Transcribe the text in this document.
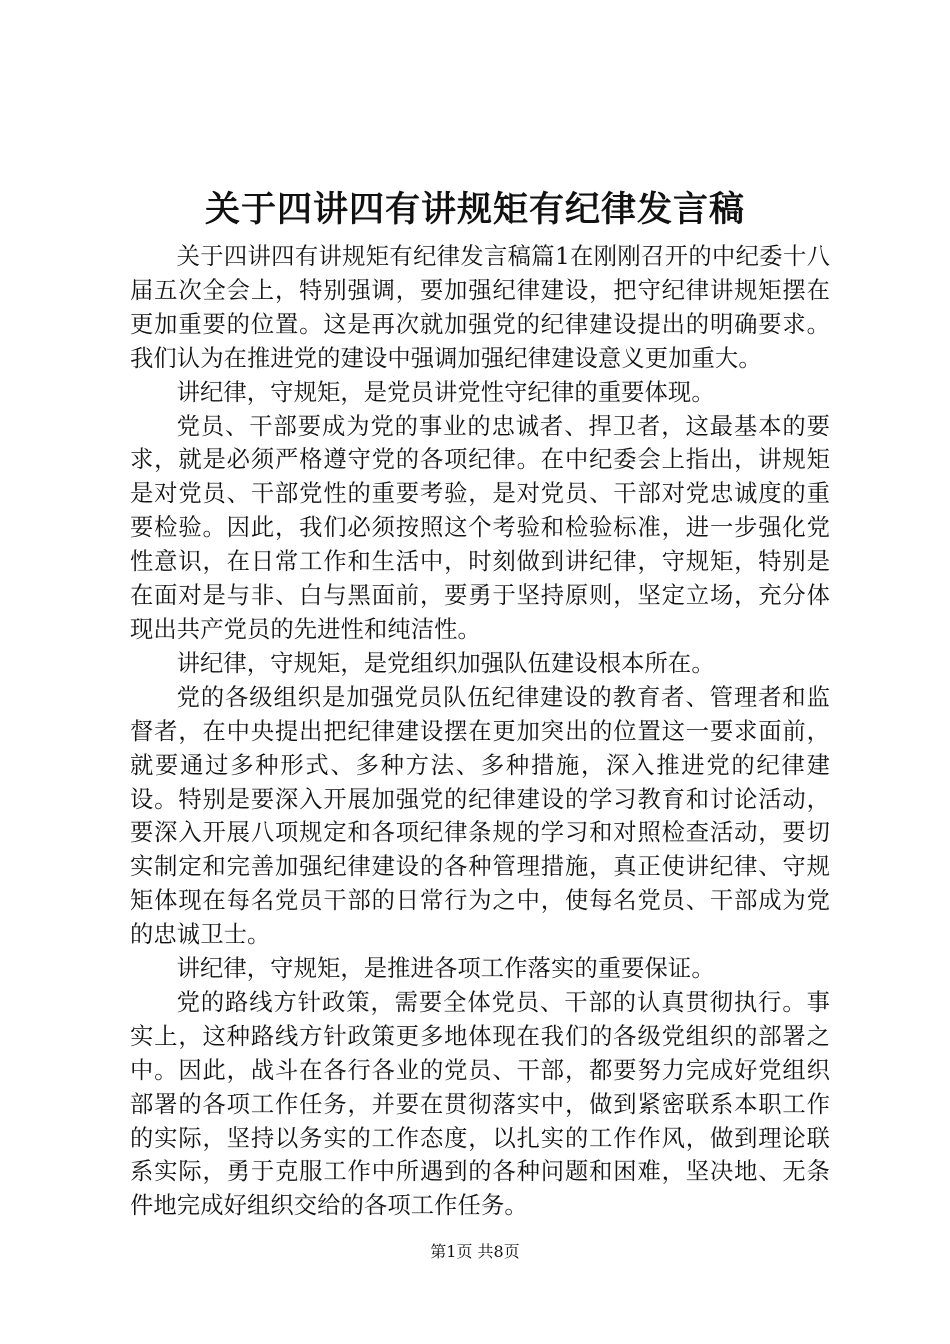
关于四讲四有讲规矩有纪律发言稿

关于四讲四有讲规矩有纪律发言稿篇1在刚刚召开的中纪委十八届五次全会上，特别强调，要加强纪律建设，把守纪律讲规矩摆在更加重要的位置。这是再次就加强党的纪律建设提出的明确要求。我们认为在推进党的建设中强调加强纪律建设意义更加重大。

讲纪律，守规矩，是党员讲党性守纪律的重要体现。

党员、干部要成为党的事业的忠诚者、捍卫者，这最基本的要求，就是必须严格遵守党的各项纪律。在中纪委会上指出，讲规矩是对党员、干部党性的重要考验，是对党员、干部对党忠诚度的重要检验。因此，我们必须按照这个考验和检验标准，进一步强化党性意识，在日常工作和生活中，时刻做到讲纪律，守规矩，特别是在面对是与非、白与黑面前，要勇于坚持原则，坚定立场，充分体现出共产党员的先进性和纯洁性。

讲纪律，守规矩，是党组织加强队伍建设根本所在。

党的各级组织是加强党员队伍纪律建设的教育者、管理者和监督者，在中央提出把纪律建设摆在更加突出的位置这一要求面前，就要通过多种形式、多种方法、多种措施，深入推进党的纪律建设。特别是要深入开展加强党的纪律建设的学习教育和讨论活动，要深入开展八项规定和各项纪律条规的学习和对照检查活动，要切实制定和完善加强纪律建设的各种管理措施，真正使讲纪律、守规矩体现在每名党员干部的日常行为之中，使每名党员、干部成为党的忠诚卫士。

讲纪律，守规矩，是推进各项工作落实的重要保证。

党的路线方针政策，需要全体党员、干部的认真贯彻执行。事实上，这种路线方针政策更多地体现在我们的各级党组织的部署之中。因此，战斗在各行各业的党员、干部，都要努力完成好党组织部署的各项工作任务，并要在贯彻落实中，做到紧密联系本职工作的实际，坚持以务实的工作态度，以扎实的工作作风，做到理论联系实际，勇于克服工作中所遇到的各种问题和困难，坚决地、无条件地完成好组织交给的各项工作任务。

第1页 共8页
